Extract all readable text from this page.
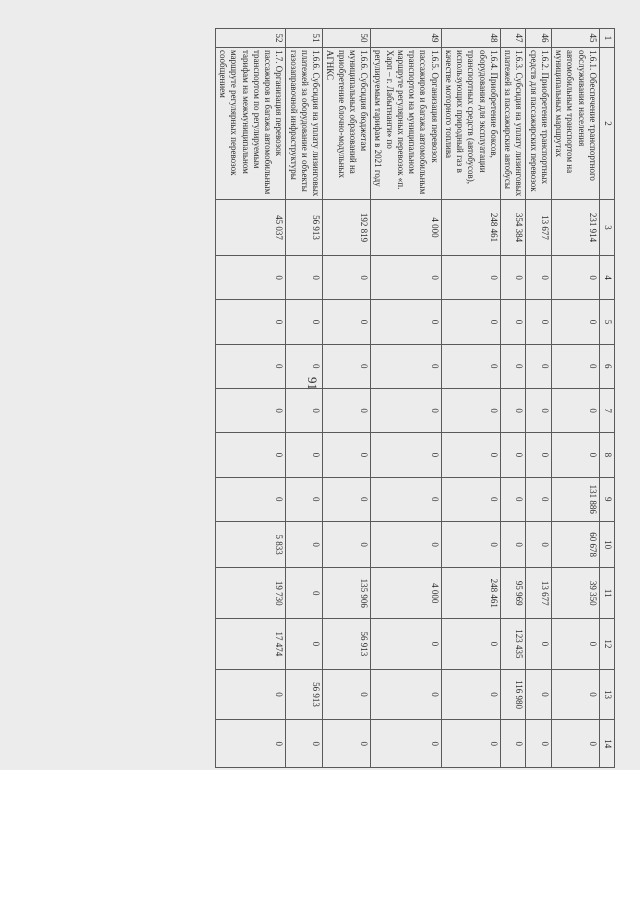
91
1	2	3	4	5	6	7	8	9	10	11	12	13	14
45	1.6.1. Обеспечение транспортного обслуживания населения автомобильным транспортом на муниципальных маршрутах	231 914	0	0	0	0	0	131 886	60 678	39 350	0	0	0
46	1.6.2. Приобретение транспортных средств для пассажирских перевозок	13 677	0	0	0	0	0	0	0	13 677	0	0	0
47	1.6.3. Субсидия на уплату лизинговых платежей за пассажирские автобусы	354 384	0	0	0	0	0	0	0	95 969	123 435	116 980	0
48	1.6.4. Приобретение боксов, оборудования для эксплуатации транспортных средств (автобусов), использующих природный газ в качестве моторного топлива	248 461	0	0	0	0	0	0	0	248 461	0	0	0
49	1.6.5. Организация перевозок пассажиров и багажа автомобильным транспортом на муниципальном маршруте регулярных перевозок «п. Харп – г. Лабытнанги» по регулируемым тарифам в 2021 году	4 000	0	0	0	0	0	0	0	4 000	0	0	0
50	1.6.6. Субсидия бюджетам муниципальных образований на приобретение блочно-модульных АГНКС	192 819	0	0	0	0	0	0	0	135 906	56 913	0	0
51	1.6.6. Субсидия на уплату лизинговых платежей за оборудование и объекты газозаправочной инфраструктуры	56 913	0	0	0	0	0	0	0	0	0	56 913	0
52	1.7. Организация перевозок пассажиров и багажа автомобильным транспортом по регулируемым тарифам на межмуниципальном маршруте регулярных перевозок сообщением	45 037	0	0	0	0	0	0	5 833	19 730	17 474	0	0
